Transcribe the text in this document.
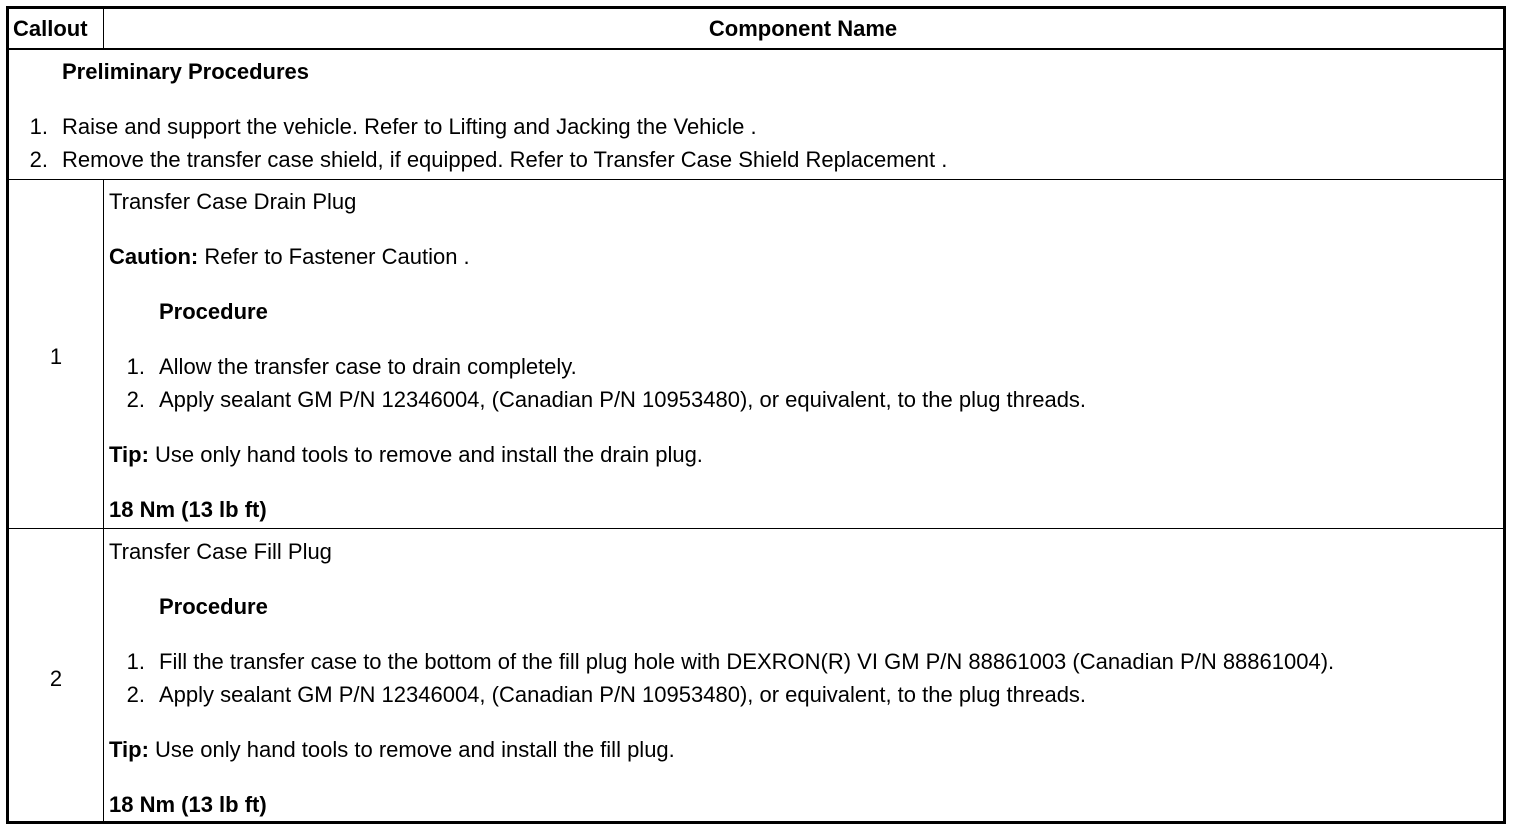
Callout	Component Name
Preliminary Procedures
1. Raise and support the vehicle. Refer to Lifting and Jacking the Vehicle .
2. Remove the transfer case shield, if equipped. Refer to Transfer Case Shield Replacement .
1
Transfer Case Drain Plug
Caution: Refer to Fastener Caution .
Procedure
1. Allow the transfer case to drain completely.
2. Apply sealant GM P/N 12346004, (Canadian P/N 10953480), or equivalent, to the plug threads.
Tip: Use only hand tools to remove and install the drain plug.
18 Nm (13 lb ft)
2
Transfer Case Fill Plug
Procedure
1. Fill the transfer case to the bottom of the fill plug hole with DEXRON(R) VI GM P/N 88861003 (Canadian P/N 88861004).
2. Apply sealant GM P/N 12346004, (Canadian P/N 10953480), or equivalent, to the plug threads.
Tip: Use only hand tools to remove and install the fill plug.
18 Nm (13 lb ft)
